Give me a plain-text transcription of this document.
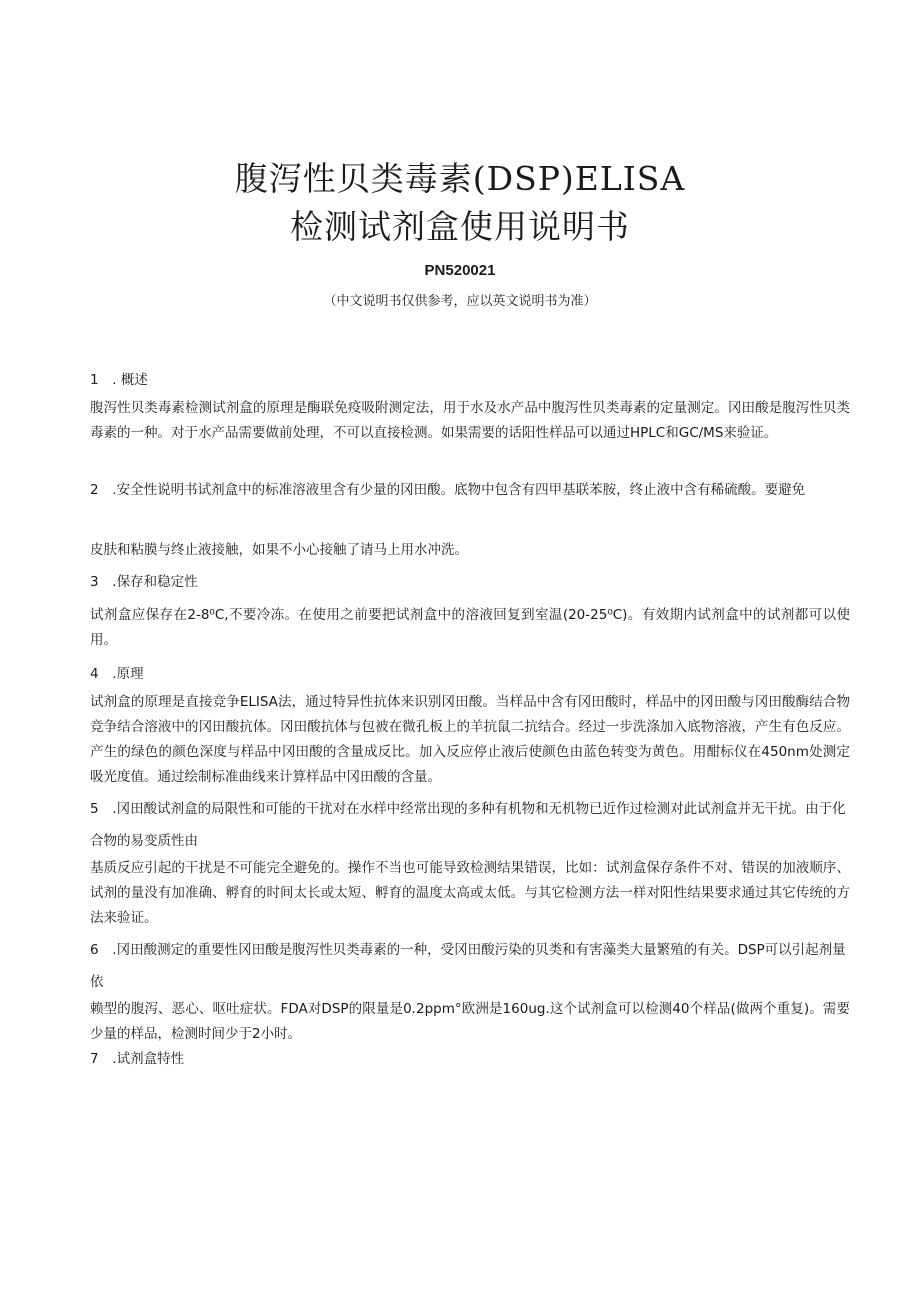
腹泻性贝类毒素(DSP)ELISA
检测试剂盒使用说明书

PN520021

（中文说明书仅供参考，应以英文说明书为准）

1 . 概述

腹泻性贝类毒素检测试剂盒的原理是酶联免疫吸附测定法，用于水及水产品中腹泻性贝类毒素的定量测定。冈田酸是腹泻性贝类毒素的一种。对于水产品需要做前处理，不可以直接检测。如果需要的话阳性样品可以通过HPLC和GC/MS来验证。

2 .安全性说明书试剂盒中的标准溶液里含有少量的冈田酸。底物中包含有四甲基联苯胺，终止液中含有稀硫酸。要避免

皮肤和粘膜与终止液接触，如果不小心接触了请马上用水冲洗。

3 .保存和稳定性

试剂盒应保存在2-8⁰C,不要冷冻。在使用之前要把试剂盒中的溶液回复到室温(20-25⁰C)。有效期内试剂盒中的试剂都可以使用。

4 .原理

试剂盒的原理是直接竞争ELISA法，通过特异性抗体来识别冈田酸。当样品中含有冈田酸时，样品中的冈田酸与冈田酸酶结合物竞争结合溶液中的冈田酸抗体。冈田酸抗体与包被在微孔板上的羊抗鼠二抗结合。经过一步洗涤加入底物溶液，产生有色反应。产生的绿色的颜色深度与样品中冈田酸的含量成反比。加入反应停止液后使颜色由蓝色转变为黄色。用酣标仪在450nm处测定吸光度值。通过绘制标准曲线来计算样品中冈田酸的含量。

5 .冈田酸试剂盒的局限性和可能的干扰对在水样中经常出现的多种有机物和无机物已近作过检测对此试剂盒并无干扰。由于化合物的易变质性由

基质反应引起的干扰是不可能完全避免的。操作不当也可能导致检测结果错误，比如：试剂盒保存条件不对、错误的加液顺序、试剂的量没有加准确、孵育的时间太长或太短、孵育的温度太高或太低。与其它检测方法一样对阳性结果要求通过其它传统的方法来验证。

6 .冈田酸测定的重要性冈田酸是腹泻性贝类毒素的一种，受冈田酸污染的贝类和有害藻类大量繁殖的有关。DSP可以引起剂量依

赖型的腹泻、恶心、呕吐症状。FDA对DSP的限量是0.2ppm°欧洲是160ug.这个试剂盒可以检测40个样品(做两个重复)。需要少量的样品，检测时间少于2小时。

7 .试剂盒特性
